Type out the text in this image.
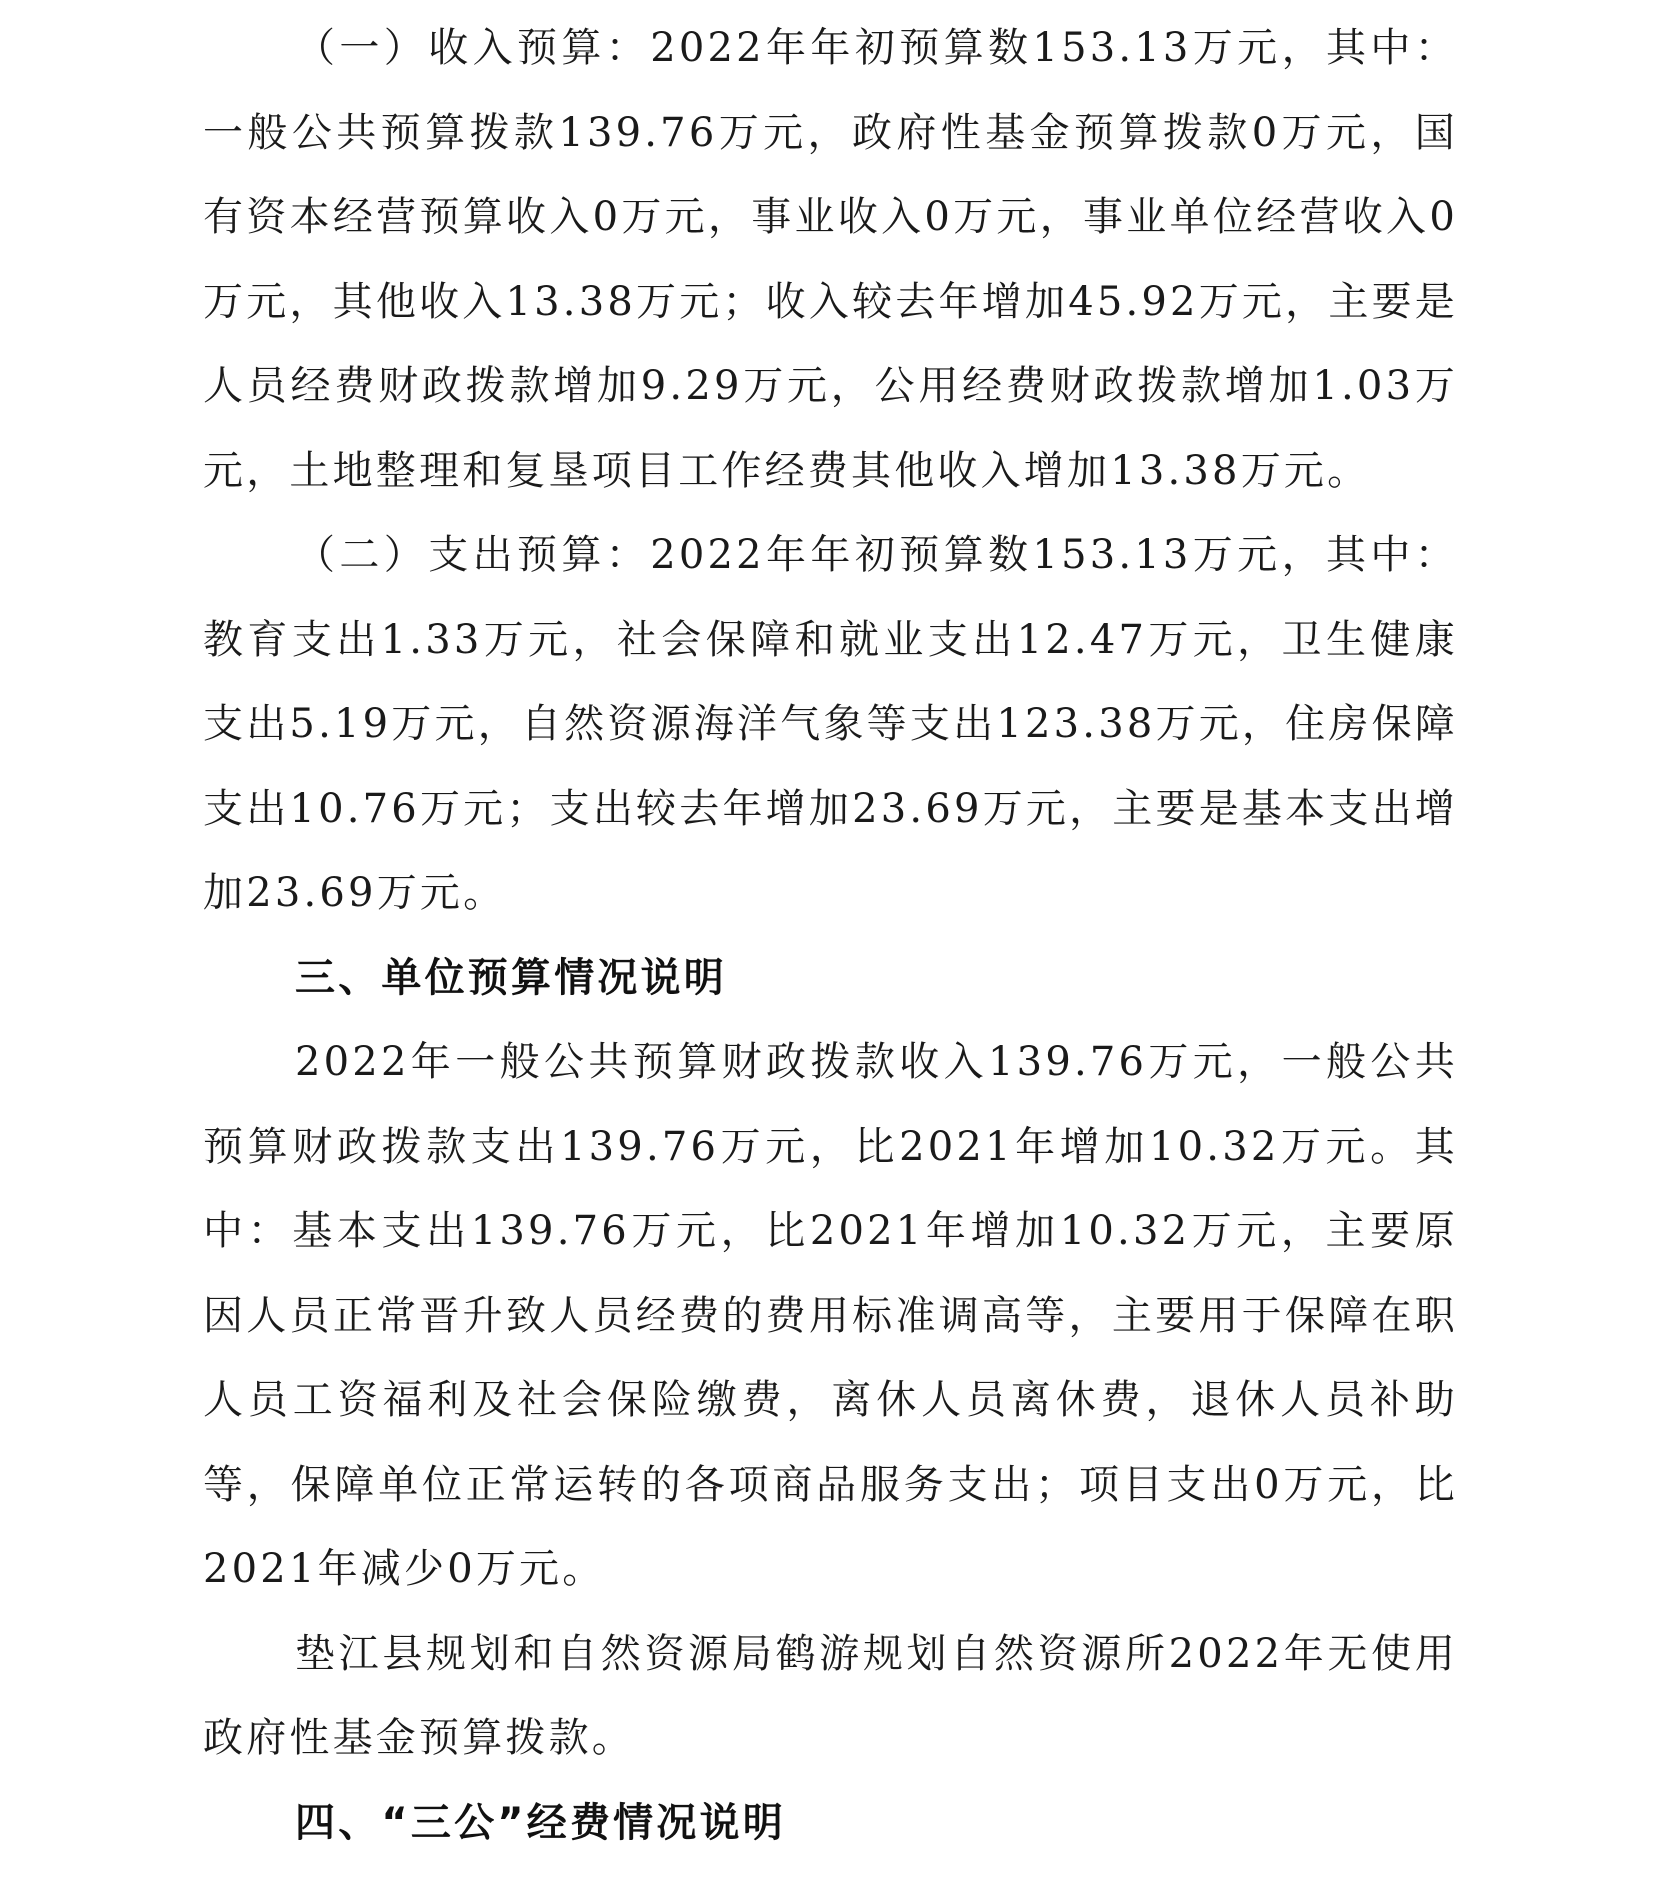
（一）收入预算：2022年年初预算数153.13万元，其中：一般公共预算拨款139.76万元，政府性基金预算拨款0万元，国有资本经营预算收入0万元，事业收入0万元，事业单位经营收入0万元，其他收入13.38万元；收入较去年增加45.92万元，主要是人员经费财政拨款增加9.29万元，公用经费财政拨款增加1.03万元，土地整理和复垦项目工作经费其他收入增加13.38万元。

（二）支出预算：2022年年初预算数153.13万元，其中：教育支出1.33万元，社会保障和就业支出12.47万元，卫生健康支出5.19万元，自然资源海洋气象等支出123.38万元，住房保障支出10.76万元；支出较去年增加23.69万元，主要是基本支出增加23.69万元。

三、单位预算情况说明

2022年一般公共预算财政拨款收入139.76万元，一般公共预算财政拨款支出139.76万元，比2021年增加10.32万元。其中：基本支出139.76万元，比2021年增加10.32万元，主要原因人员正常晋升致人员经费的费用标准调高等，主要用于保障在职人员工资福利及社会保险缴费，离休人员离休费，退休人员补助等，保障单位正常运转的各项商品服务支出；项目支出0万元，比2021年减少0万元。

垫江县规划和自然资源局鹤游规划自然资源所2022年无使用政府性基金预算拨款。

四、“三公”经费情况说明
